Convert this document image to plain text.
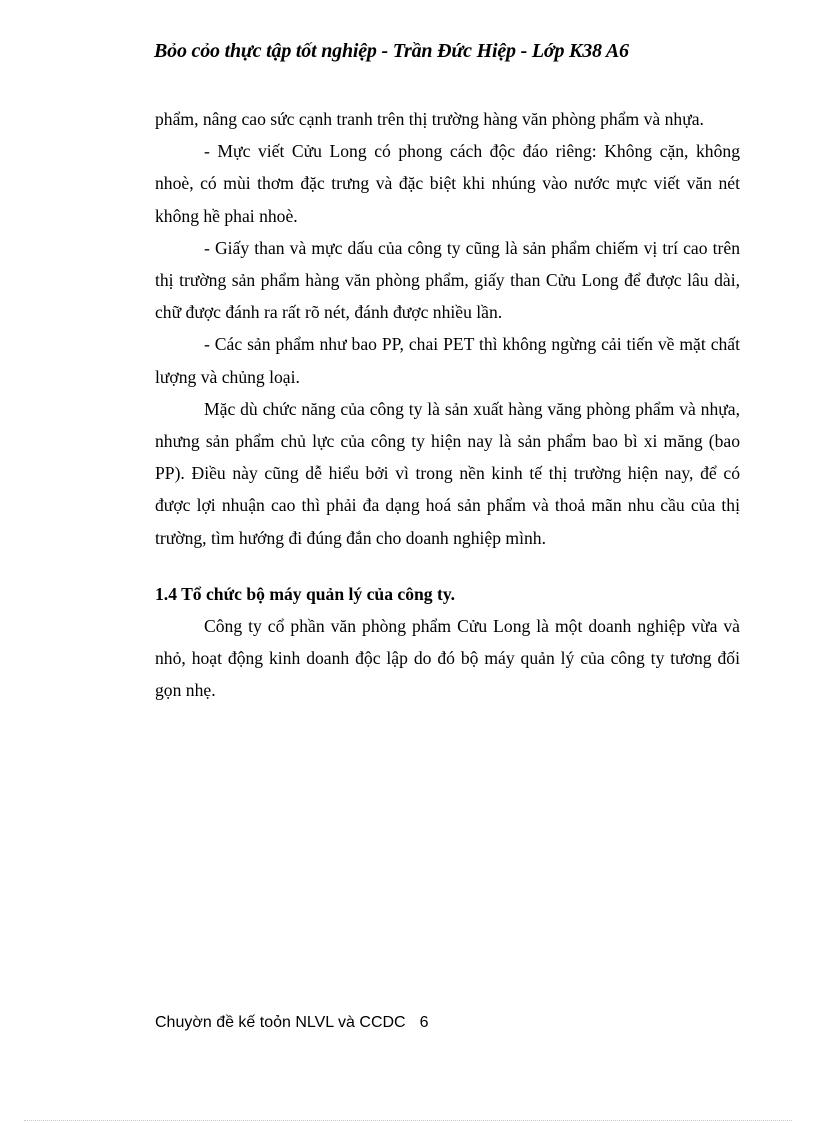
Bỏo cỏo thực tập tốt nghiệp - Trần Đức Hiệp - Lớp K38 A6

phẩm, nâng cao sức cạnh tranh trên thị trường hàng văn phòng phẩm và nhựa.

- Mực viết Cửu Long có phong cách độc đáo riêng: Không cặn, không nhoè, có mùi thơm đặc trưng và đặc biệt khi nhúng vào nước mực viết văn nét không hề phai nhoè.

- Giấy than và mực dấu của công ty cũng là sản phẩm chiếm vị trí cao trên thị trường sản phẩm hàng văn phòng phẩm, giấy than Cửu Long để được lâu dài, chữ được đánh ra rất rõ nét, đánh được nhiều lần.

- Các sản phẩm như bao PP, chai PET thì không ngừng cải tiến về mặt chất lượng và chủng loại.

Mặc dù chức năng của công ty là sản xuất hàng văng phòng phẩm và nhựa, nhưng sản phẩm chủ lực của công ty hiện nay là sản phẩm bao bì xi măng (bao PP). Điều này cũng dễ hiểu bởi vì trong nền kinh tế thị trường hiện nay, để có được lợi nhuận cao thì phải đa dạng hoá sản phẩm và thoả mãn nhu cầu của thị trường, tìm hướng đi đúng đắn cho doanh nghiệp mình.

1.4 Tổ chức bộ máy quản lý của công ty.

Công ty cổ phần văn phòng phẩm Cửu Long là một doanh nghiệp vừa và nhỏ, hoạt động kinh doanh độc lập do đó bộ máy quản lý của công ty tương đối gọn nhẹ.

Chuyờn đề kế toỏn NLVL và CCDC 6
